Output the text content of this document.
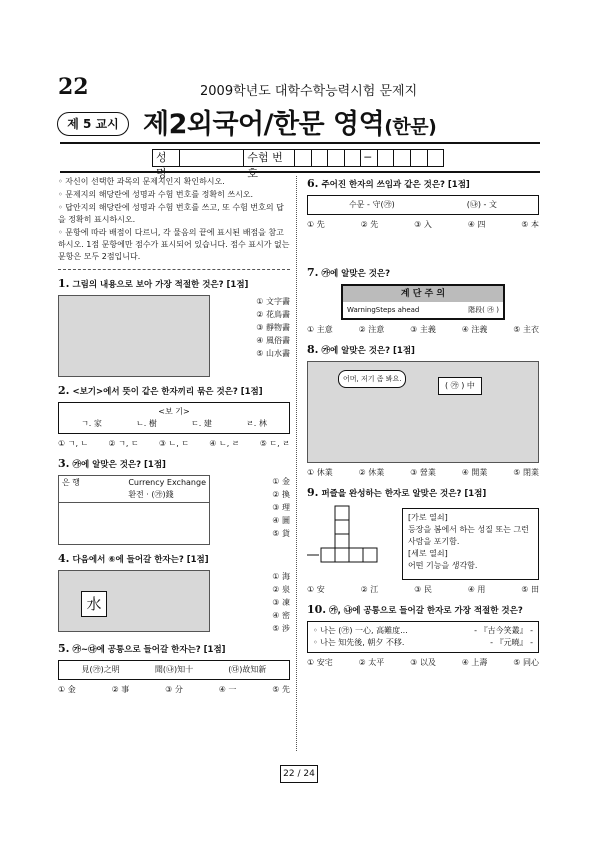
22	2009학년도 대학수학능력시험 문제지
제 5 교시 제2외국어/한문 영역(한문)
성명
수험 번호
─
◦ 자신이 선택한 과목의 문제지인지 확인하시오.
◦ 문제지의 해당란에 성명과 수험 번호를 정확히 쓰시오.
◦ 답안지의 해당란에 성명과 수험 번호를 쓰고, 또 수험 번호의 답을 정확히 표시하시오.
◦ 문항에 따라 배점이 다르니, 각 물음의 끝에 표시된 배점을 참고하시오. 1점 문항에만 점수가 표시되어 있습니다. 점수 표시가 없는 문항은 모두 2점입니다.
1. 그림의 내용으로 보아 가장 적절한 것은? [1점]
① 文字畵
② 花鳥畵
③ 靜物畵
④ 風俗畵
⑤ 山水畵
2. <보기>에서 뜻이 같은 한자끼리 묶은 것은? [1점]
<보 기>
ㄱ. 家	ㄴ. 樹	ㄷ. 建	ㄹ. 林
① ㄱ, ㄴ	② ㄱ, ㄷ	③ ㄴ, ㄷ	④ ㄴ, ㄹ	⑤ ㄷ, ㄹ
3. ㉮에 알맞은 것은? [1점]
은 행	Currency Exchange
환전 · (㉮)錢
① 金
② 換
③ 理
④ 圖
⑤ 貨
4. 다음에서 ⑥에 들어갈 한자는? [1점]
水
① 海
② 泉
③ 凍
④ 密
⑤ 涉
5. ㉮~㉰에 공통으로 들어갈 한자는? [1점]
見(㉮)之明	聞(㉯)知十	(㉰)故知新
① 金	② 事	③ 分	④ 一	⑤ 先
6. 주어진 한자의 쓰임과 같은 것은? [1점]
수문 - 守(㉮)	(㉯) - 文
① 先	② 先	③ 入	④ 四	⑤ 本
7. ㉮에 알맞은 것은?
계 단 주 의
WarningSteps ahead	階段( ㉮ )
① 主意	② 注意	③ 主義	④ 注義	⑤ 主衣
8. ㉮에 알맞은 것은? [1점]
어머, 저기 좀 봐요.
( ㉮ ) 中
① 休業	② 休業	③ 營業	④ 開業	⑤ 閉業
9. 퍼즐을 완성하는 한자로 알맞은 것은? [1점]
[가로 열쇠]
등장을 봄에서 하는 성질 또는 그런 사람을 포기함.
[세로 열쇠]
어떤 기능을 생각함.
① 安	② 江	③ 民	④ 用	⑤ 田
10. ㉮, ㉯에 공통으로 들어갈 한자로 가장 적절한 것은?
◦ 나는 (㉮) 一心, 高難度...	- 『古今笑叢』 -
◦ 나는 知先後, 朝夕 不移.	- 『元曉』 -
① 安宅	② 太平	③ 以及	④ 上壽	⑤ 同心
22 / 24
